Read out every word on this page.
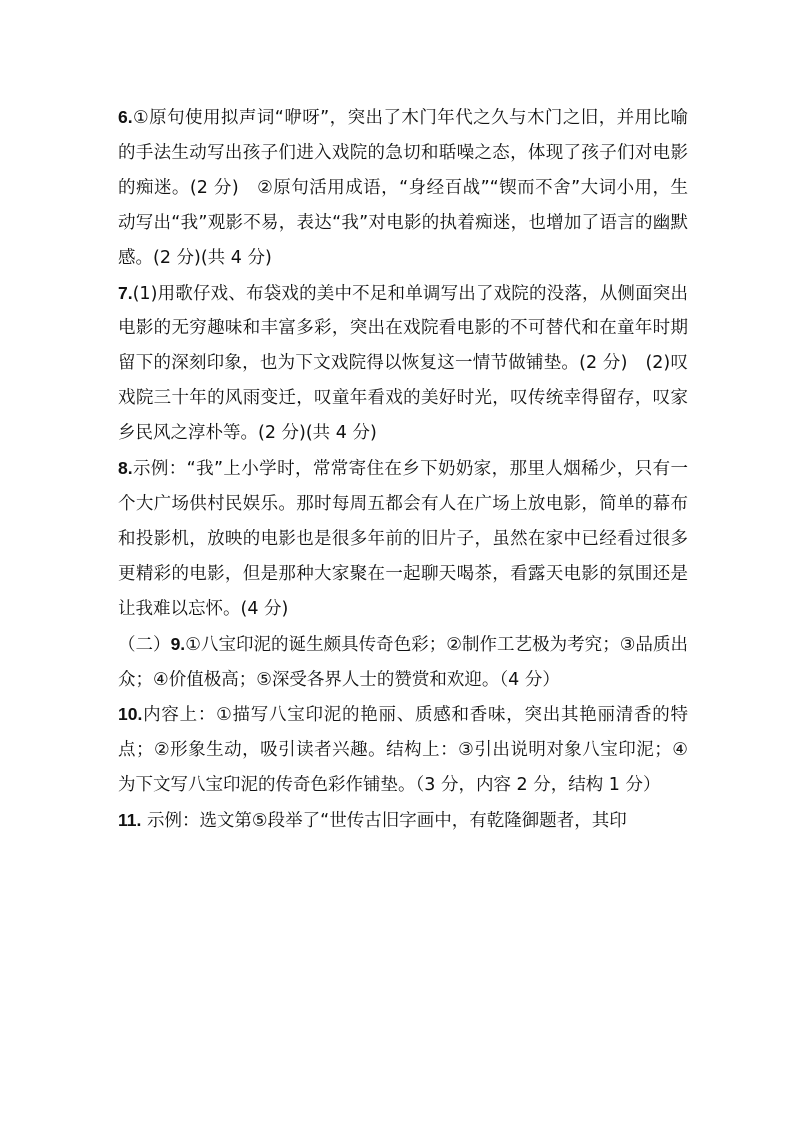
6.①原句使用拟声词“咿呀”，突出了木门年代之久与木门之旧，并用比喻的手法生动写出孩子们进入戏院的急切和聒噪之态，体现了孩子们对电影的痴迷。(2 分)　②原句活用成语，“身经百战”“锲而不舍”大词小用，生动写出“我”观影不易，表达“我”对电影的执着痴迷，也增加了语言的幽默感。(2 分)(共 4 分)

7.(1)用歌仔戏、布袋戏的美中不足和单调写出了戏院的没落，从侧面突出电影的无穷趣味和丰富多彩，突出在戏院看电影的不可替代和在童年时期留下的深刻印象，也为下文戏院得以恢复这一情节做铺垫。(2 分)　(2)叹戏院三十年的风雨变迁，叹童年看戏的美好时光，叹传统幸得留存，叹家乡民风之淳朴等。(2 分)(共 4 分)

8.示例：“我”上小学时，常常寄住在乡下奶奶家，那里人烟稀少，只有一个大广场供村民娱乐。那时每周五都会有人在广场上放电影，简单的幕布和投影机，放映的电影也是很多年前的旧片子，虽然在家中已经看过很多更精彩的电影，但是那种大家聚在一起聊天喝茶，看露天电影的氛围还是让我难以忘怀。(4 分)

（二）9.①八宝印泥的诞生颇具传奇色彩；②制作工艺极为考究；③品质出众；④价值极高；⑤深受各界人士的赞赏和欢迎。（4 分）

10.内容上：①描写八宝印泥的艳丽、质感和香味，突出其艳丽清香的特点；②形象生动，吸引读者兴趣。结构上：③引出说明对象八宝印泥；④为下文写八宝印泥的传奇色彩作铺垫。（3 分，内容 2 分，结构 1 分）

11. 示例：选文第⑤段举了“世传古旧字画中，有乾隆御题者，其印
